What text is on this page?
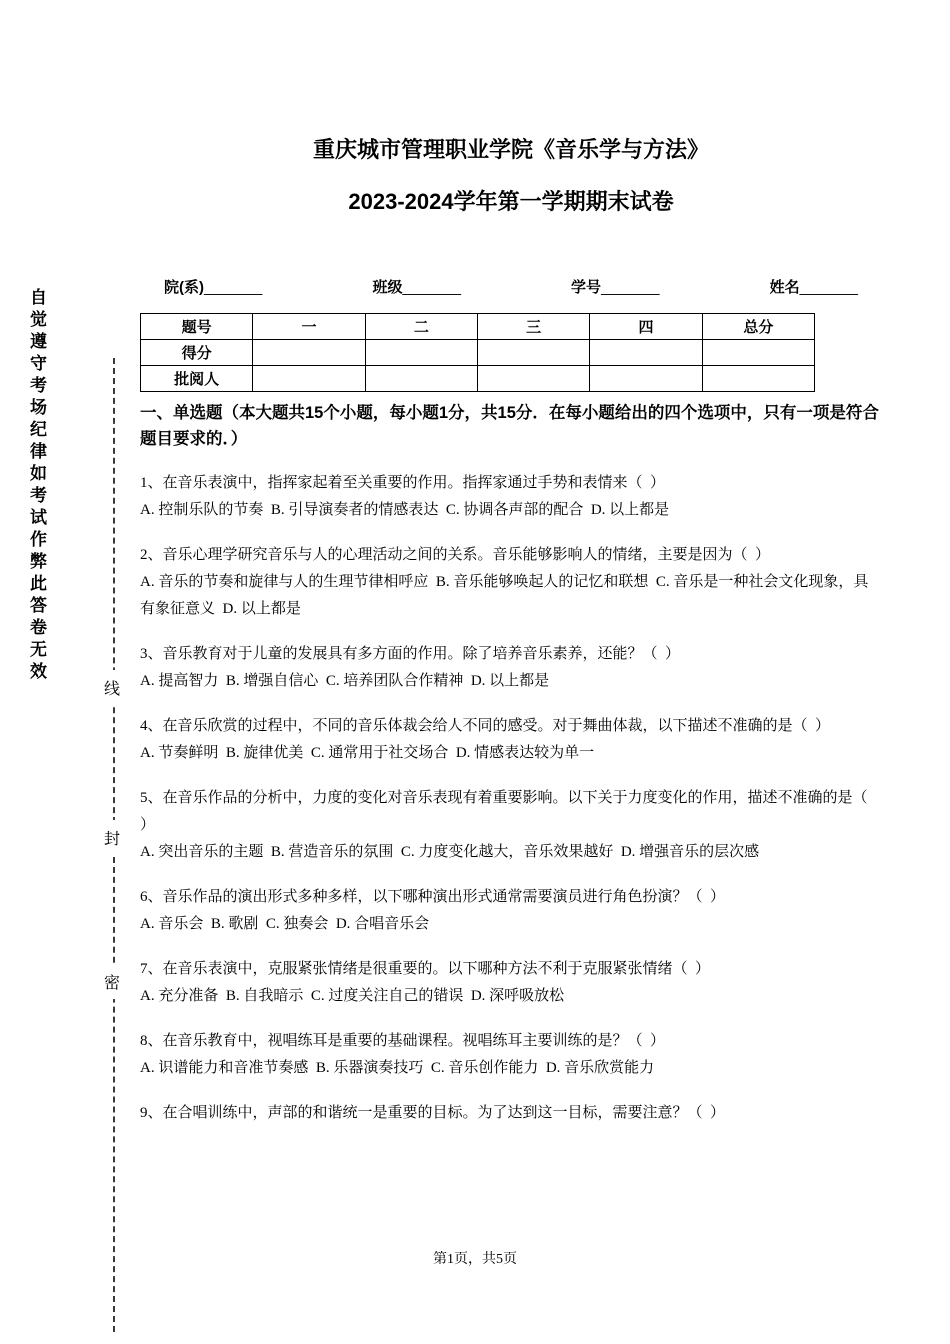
自觉遵守考场纪律如考试作弊此答卷无效
线
封
密
重庆城市管理职业学院《音乐学与方法》
2023-2024学年第一学期期末试卷
院(系)_______	班级_______	学号_______	姓名_______
题号	一	二	三	四	总分
得分					
批阅人					
一、单选题（本大题共15个小题，每小题1分，共15分．在每小题给出的四个选项中，只有一项是符合题目要求的．）

1、在音乐表演中，指挥家起着至关重要的作用。指挥家通过手势和表情来（  ）

A. 控制乐队的节奏  B. 引导演奏者的情感表达  C. 协调各声部的配合  D. 以上都是

2、音乐心理学研究音乐与人的心理活动之间的关系。音乐能够影响人的情绪，主要是因为（  ）

A. 音乐的节奏和旋律与人的生理节律相呼应  B. 音乐能够唤起人的记忆和联想  C. 音乐是一种社会文化现象，具有象征意义  D. 以上都是

3、音乐教育对于儿童的发展具有多方面的作用。除了培养音乐素养，还能？（  ）

A. 提高智力  B. 增强自信心  C. 培养团队合作精神  D. 以上都是

4、在音乐欣赏的过程中，不同的音乐体裁会给人不同的感受。对于舞曲体裁，以下描述不准确的是（  ）

A. 节奏鲜明  B. 旋律优美  C. 通常用于社交场合  D. 情感表达较为单一

5、在音乐作品的分析中，力度的变化对音乐表现有着重要影响。以下关于力度变化的作用，描述不准确的是（  ）

A. 突出音乐的主题  B. 营造音乐的氛围  C. 力度变化越大，音乐效果越好  D. 增强音乐的层次感

6、音乐作品的演出形式多种多样，以下哪种演出形式通常需要演员进行角色扮演？（  ）

A. 音乐会  B. 歌剧  C. 独奏会  D. 合唱音乐会

7、在音乐表演中，克服紧张情绪是很重要的。以下哪种方法不利于克服紧张情绪（  ）

A. 充分准备  B. 自我暗示  C. 过度关注自己的错误  D. 深呼吸放松

8、在音乐教育中，视唱练耳是重要的基础课程。视唱练耳主要训练的是？（  ）

A. 识谱能力和音准节奏感  B. 乐器演奏技巧  C. 音乐创作能力  D. 音乐欣赏能力

9、在合唱训练中，声部的和谐统一是重要的目标。为了达到这一目标，需要注意？（  ）

第1页，共5页
